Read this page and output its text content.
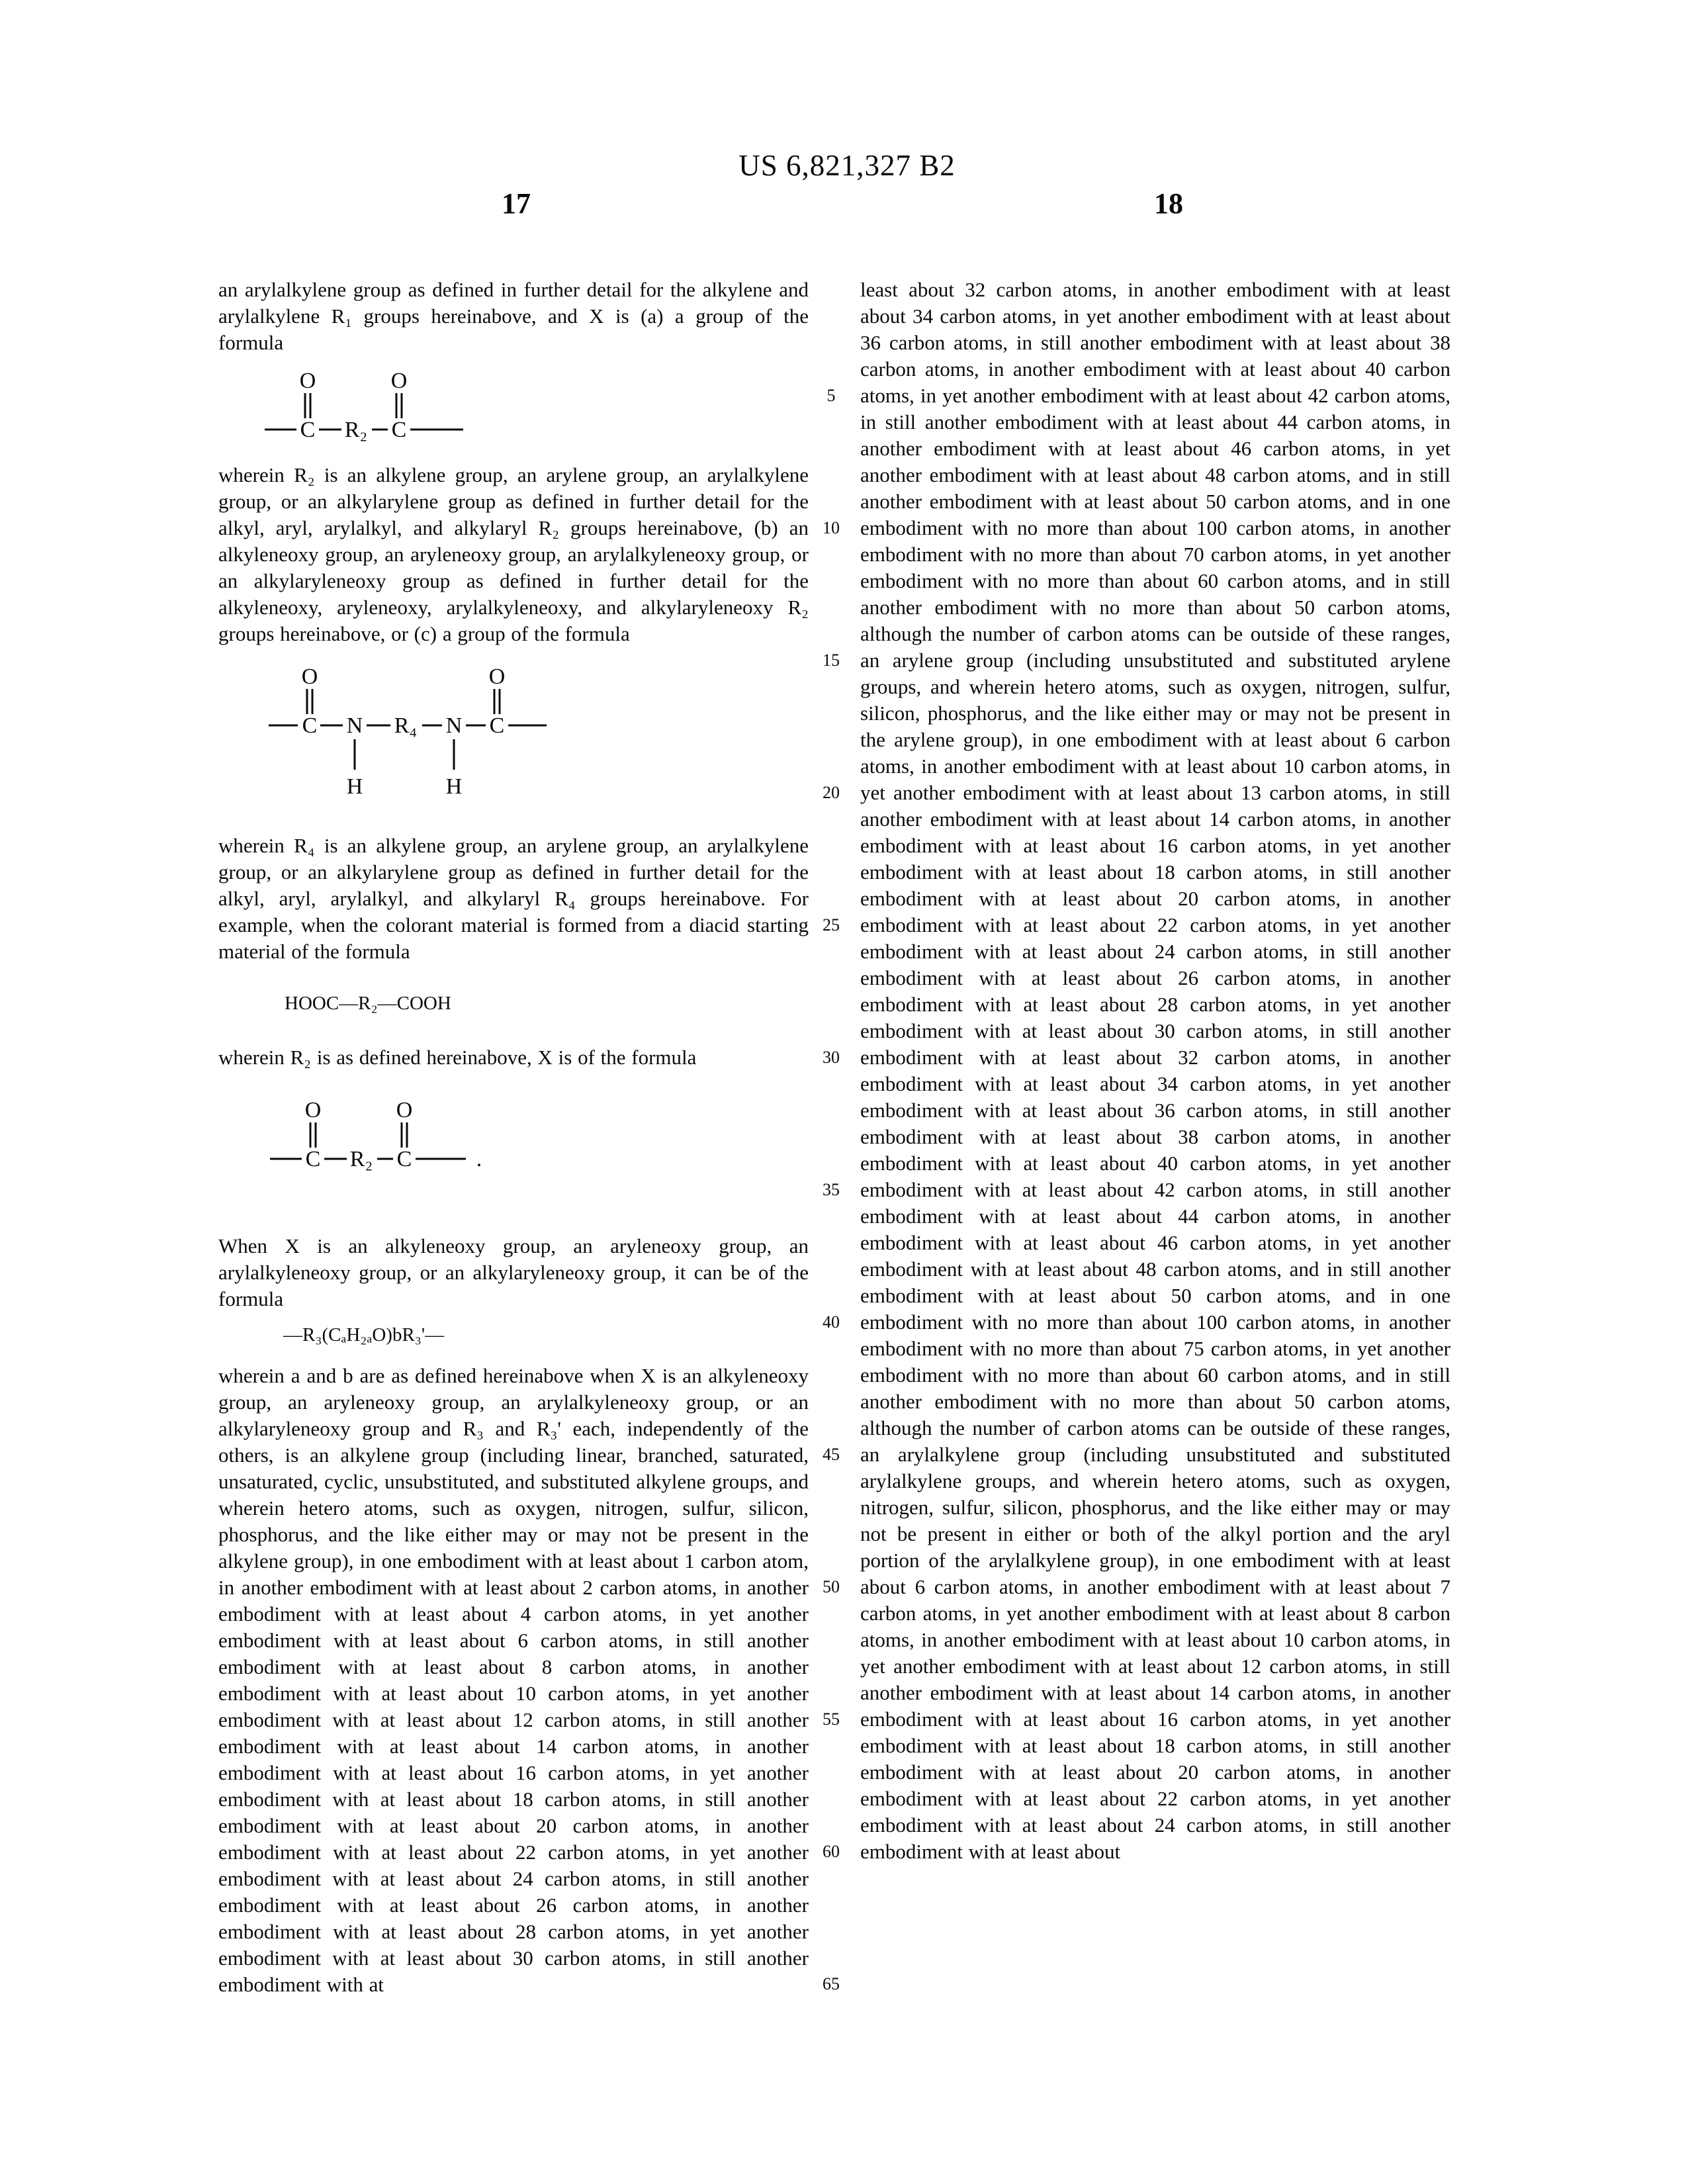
US 6,821,327 B2
17	18
5
10
15
20
25
30
35
40
45
50
55
60
65

an arylalkylene group as defined in further detail for the alkylene and arylalkylene R₁ groups hereinabove, and X is (a) a group of the formula

O	O
C R₂ C

wherein R₂ is an alkylene group, an arylene group, an arylalkylene group, or an alkylarylene group as defined in further detail for the alkyl, aryl, arylalkyl, and alkylaryl R₂ groups hereinabove, (b) an alkyleneoxy group, an aryleneoxy group, an arylalkyleneoxy group, or an alkylaryleneoxy group as defined in further detail for the alkyleneoxy, aryleneoxy, arylalkyleneoxy, and alkylaryleneoxy R₂ groups hereinabove, or (c) a group of the formula

O	O
C N R₄ N C
H	H

wherein R₄ is an alkylene group, an arylene group, an arylalkylene group, or an alkylarylene group as defined in further detail for the alkyl, aryl, arylalkyl, and alkylaryl R₄ groups hereinabove. For example, when the colorant material is formed from a diacid starting material of the formula

HOOC—R₂—COOH

wherein R₂ is as defined hereinabove, X is of the formula

O	O
C R₂ C	.

When X is an alkyleneoxy group, an aryleneoxy group, an arylalkyleneoxy group, or an alkylaryleneoxy group, it can be of the formula

—R₃(CₐH₂ₐO)bR₃'—

wherein a and b are as defined hereinabove when X is an alkyleneoxy group, an aryleneoxy group, an arylalkyleneoxy group, or an alkylaryleneoxy group and R₃ and R₃' each, independently of the others, is an alkylene group (including linear, branched, saturated, unsaturated, cyclic, unsubstituted, and substituted alkylene groups, and wherein hetero atoms, such as oxygen, nitrogen, sulfur, silicon, phosphorus, and the like either may or may not be present in the alkylene group), in one embodiment with at least about 1 carbon atom, in another embodiment with at least about 2 carbon atoms, in another embodiment with at least about 4 carbon atoms, in yet another embodiment with at least about 6 carbon atoms, in still another embodiment with at least about 8 carbon atoms, in another embodiment with at least about 10 carbon atoms, in yet another embodiment with at least about 12 carbon atoms, in still another embodiment with at least about 14 carbon atoms, in another embodiment with at least about 16 carbon atoms, in yet another embodiment with at least about 18 carbon atoms, in still another embodiment with at least about 20 carbon atoms, in another embodiment with at least about 22 carbon atoms, in yet another embodiment with at least about 24 carbon atoms, in still another embodiment with at least about 26 carbon atoms, in another embodiment with at least about 28 carbon atoms, in yet another embodiment with at least about 30 carbon atoms, in still another embodiment with at

least about 32 carbon atoms, in another embodiment with at least about 34 carbon atoms, in yet another embodiment with at least about 36 carbon atoms, in still another embodiment with at least about 38 carbon atoms, in another embodiment with at least about 40 carbon atoms, in yet another embodiment with at least about 42 carbon atoms, in still another embodiment with at least about 44 carbon atoms, in another embodiment with at least about 46 carbon atoms, in yet another embodiment with at least about 48 carbon atoms, and in still another embodiment with at least about 50 carbon atoms, and in one embodiment with no more than about 100 carbon atoms, in another embodiment with no more than about 70 carbon atoms, in yet another embodiment with no more than about 60 carbon atoms, and in still another embodiment with no more than about 50 carbon atoms, although the number of carbon atoms can be outside of these ranges, an arylene group (including unsubstituted and substituted arylene groups, and wherein hetero atoms, such as oxygen, nitrogen, sulfur, silicon, phosphorus, and the like either may or may not be present in the arylene group), in one embodiment with at least about 6 carbon atoms, in another embodiment with at least about 10 carbon atoms, in yet another embodiment with at least about 13 carbon atoms, in still another embodiment with at least about 14 carbon atoms, in another embodiment with at least about 16 carbon atoms, in yet another embodiment with at least about 18 carbon atoms, in still another embodiment with at least about 20 carbon atoms, in another embodiment with at least about 22 carbon atoms, in yet another embodiment with at least about 24 carbon atoms, in still another embodiment with at least about 26 carbon atoms, in another embodiment with at least about 28 carbon atoms, in yet another embodiment with at least about 30 carbon atoms, in still another embodiment with at least about 32 carbon atoms, in another embodiment with at least about 34 carbon atoms, in yet another embodiment with at least about 36 carbon atoms, in still another embodiment with at least about 38 carbon atoms, in another embodiment with at least about 40 carbon atoms, in yet another embodiment with at least about 42 carbon atoms, in still another embodiment with at least about 44 carbon atoms, in another embodiment with at least about 46 carbon atoms, in yet another embodiment with at least about 48 carbon atoms, and in still another embodiment with at least about 50 carbon atoms, and in one embodiment with no more than about 100 carbon atoms, in another embodiment with no more than about 75 carbon atoms, in yet another embodiment with no more than about 60 carbon atoms, and in still another embodiment with no more than about 50 carbon atoms, although the number of carbon atoms can be outside of these ranges, an arylalkylene group (including unsubstituted and substituted arylalkylene groups, and wherein hetero atoms, such as oxygen, nitrogen, sulfur, silicon, phosphorus, and the like either may or may not be present in either or both of the alkyl portion and the aryl portion of the arylalkylene group), in one embodiment with at least about 6 carbon atoms, in another embodiment with at least about 7 carbon atoms, in yet another embodiment with at least about 8 carbon atoms, in another embodiment with at least about 10 carbon atoms, in yet another embodiment with at least about 12 carbon atoms, in still another embodiment with at least about 14 carbon atoms, in another embodiment with at least about 16 carbon atoms, in yet another embodiment with at least about 18 carbon atoms, in still another embodiment with at least about 20 carbon atoms, in another embodiment with at least about 22 carbon atoms, in yet another embodiment with at least about 24 carbon atoms, in still another embodiment with at least about
